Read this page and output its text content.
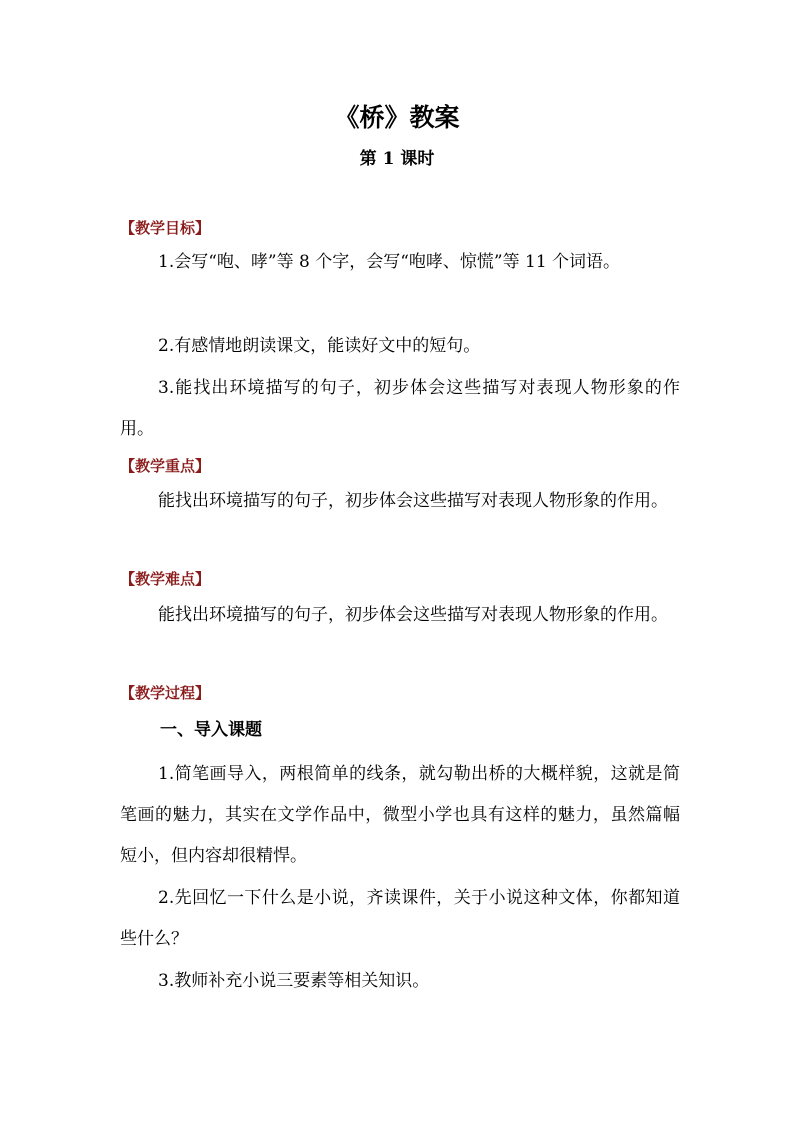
《桥》教案
第 1 课时
【教学目标】
1.会写“咆、哮”等 8 个字，会写“咆哮、惊慌”等 11 个词语。
2.有感情地朗读课文，能读好文中的短句。
3.能找出环境描写的句子，初步体会这些描写对表现人物形象的作用。
【教学重点】
能找出环境描写的句子，初步体会这些描写对表现人物形象的作用。
【教学难点】
能找出环境描写的句子，初步体会这些描写对表现人物形象的作用。
【教学过程】
一、导入课题
1.简笔画导入，两根简单的线条，就勾勒出桥的大概样貌，这就是简笔画的魅力，其实在文学作品中，微型小学也具有这样的魅力，虽然篇幅短小，但内容却很精悍。
2.先回忆一下什么是小说，齐读课件，关于小说这种文体，你都知道些什么？
3.教师补充小说三要素等相关知识。
